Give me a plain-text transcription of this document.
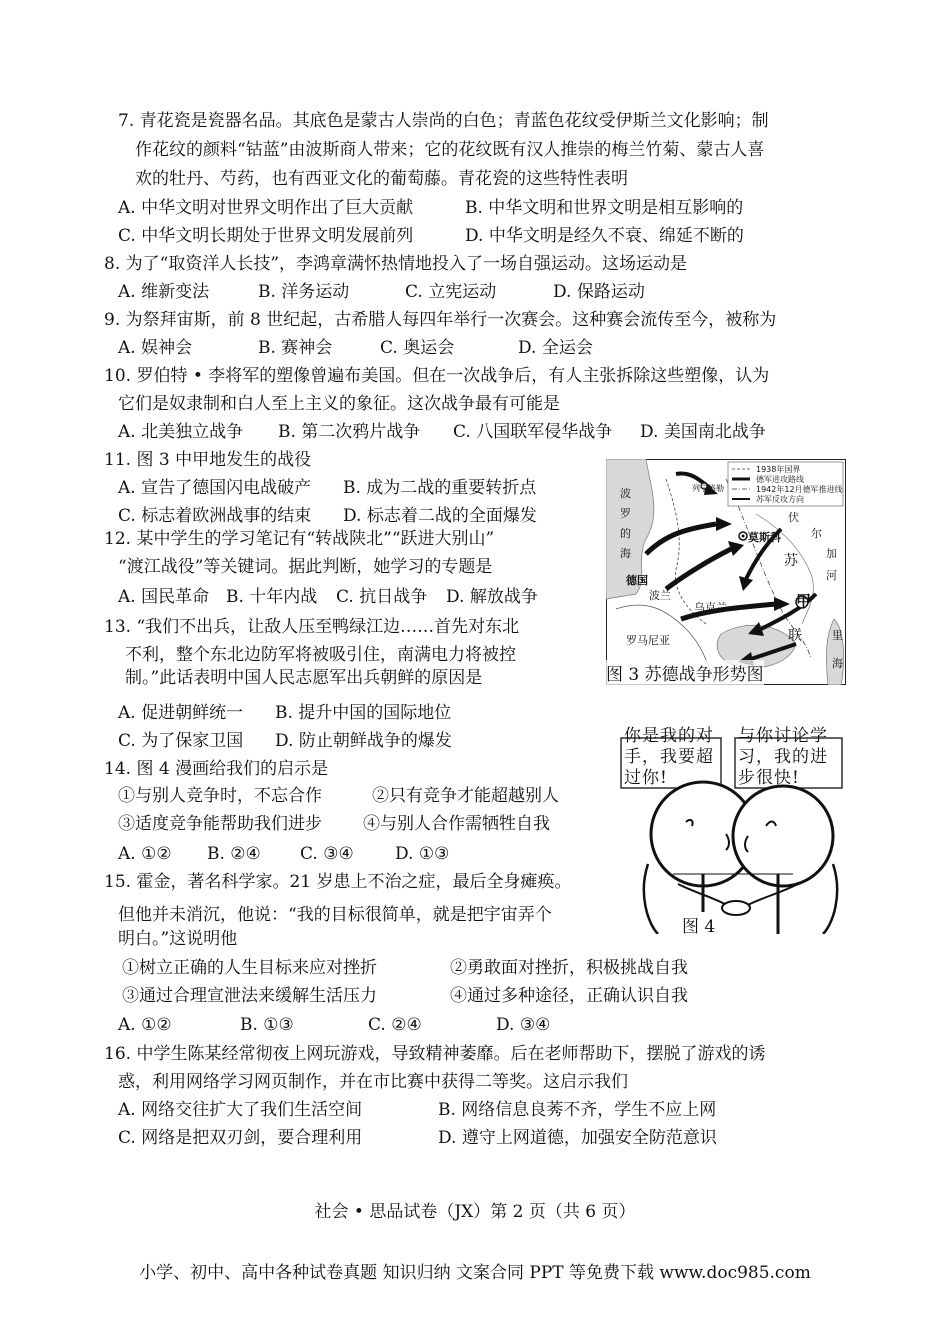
7. 青花瓷是瓷器名品。其底色是蒙古人崇尚的白色；青蓝色花纹受伊斯兰文化影响；制
作花纹的颜料“钴蓝”由波斯商人带来；它的花纹既有汉人推崇的梅兰竹菊、蒙古人喜
欢的牡丹、芍药，也有西亚文化的葡萄藤。青花瓷的这些特性表明
A. 中华文明对世界文明作出了巨大贡献	B. 中华文明和世界文明是相互影响的
C. 中华文明长期处于世界文明发展前列	D. 中华文明是经久不衰、绵延不断的
8. 为了“取资洋人长技”，李鸿章满怀热情地投入了一场自强运动。这场运动是
A. 维新变法	B. 洋务运动	C. 立宪运动	D. 保路运动
9. 为祭拜宙斯，前 8 世纪起，古希腊人每四年举行一次赛会。这种赛会流传至今，被称为
A. 娱神会	B. 赛神会	C. 奥运会	D. 全运会
10. 罗伯特 • 李将军的塑像曾遍布美国。但在一次战争后，有人主张拆除这些塑像，认为
它们是奴隶制和白人至上主义的象征。这次战争最有可能是
A. 北美独立战争 B. 第二次鸦片战争 C. 八国联军侵华战争 D. 美国南北战争
11. 图 3 中甲地发生的战役
A. 宣告了德国闪电战破产 B. 成为二战的重要转折点
C. 标志着欧洲战事的结束 D. 标志着二战的全面爆发
12. 某中学生的学习笔记有“转战陕北”“跃进大别山”
“渡江战役”等关键词。据此判断，她学习的专题是
A. 国民革命 B. 十年内战 C. 抗日战争 D. 解放战争
13. “我们不出兵，让敌人压至鸭绿江边……首先对东北
不利，整个东北边防军将被吸引住，南满电力将被控
制。”此话表明中国人民志愿军出兵朝鲜的原因是
A. 促进朝鲜统一 B. 提升中国的国际地位
C. 为了保家卫国 D. 防止朝鲜战争的爆发
14. 图 4 漫画给我们的启示是
①与别人竞争时，不忘合作	②只有竞争才能超越别人
③适度竞争能帮助我们进步 ④与别人合作需牺牲自我
A. ①② B. ②④ C. ③④ D. ①③
15. 霍金，著名科学家。21 岁患上不治之症，最后全身瘫痪。
但他并未消沉，他说：“我的目标很简单，就是把宇宙弄个
明白。”这说明他
①树立正确的人生目标来应对挫折	②勇敢面对挫折，积极挑战自我
③通过合理宣泄法来缓解生活压力	④通过多种途径，正确认识自我
A. ①②	B. ①③	C. ②④	D. ③④
16. 中学生陈某经常彻夜上网玩游戏，导致精神萎靡。后在老师帮助下，摆脱了游戏的诱
惑，利用网络学习网页制作，并在市比赛中获得二等奖。这启示我们
A. 网络交往扩大了我们生活空间	B. 网络信息良莠不齐，学生不应上网
C. 网络是把双刃剑，要合理利用	D. 遵守上网道德，加强安全防范意识
1938年国界
德军进攻路线
1942年12月德军推进线
苏军反攻方向
列宁格勒
波
罗
的
海
莫斯科
伏
尔
加
河
苏
联
甲
德国
波兰
乌克兰
罗马尼亚	里
海
图 3 苏德战争形势图
你是我的对手，我要超过你!
与你讨论学习，我的进步很快!
图 4
社会 • 思品试卷（JX）第 2 页（共 6 页）
小学、初中、高中各种试卷真题 知识归纳 文案合同 PPT 等免费下载 www.doc985.com
